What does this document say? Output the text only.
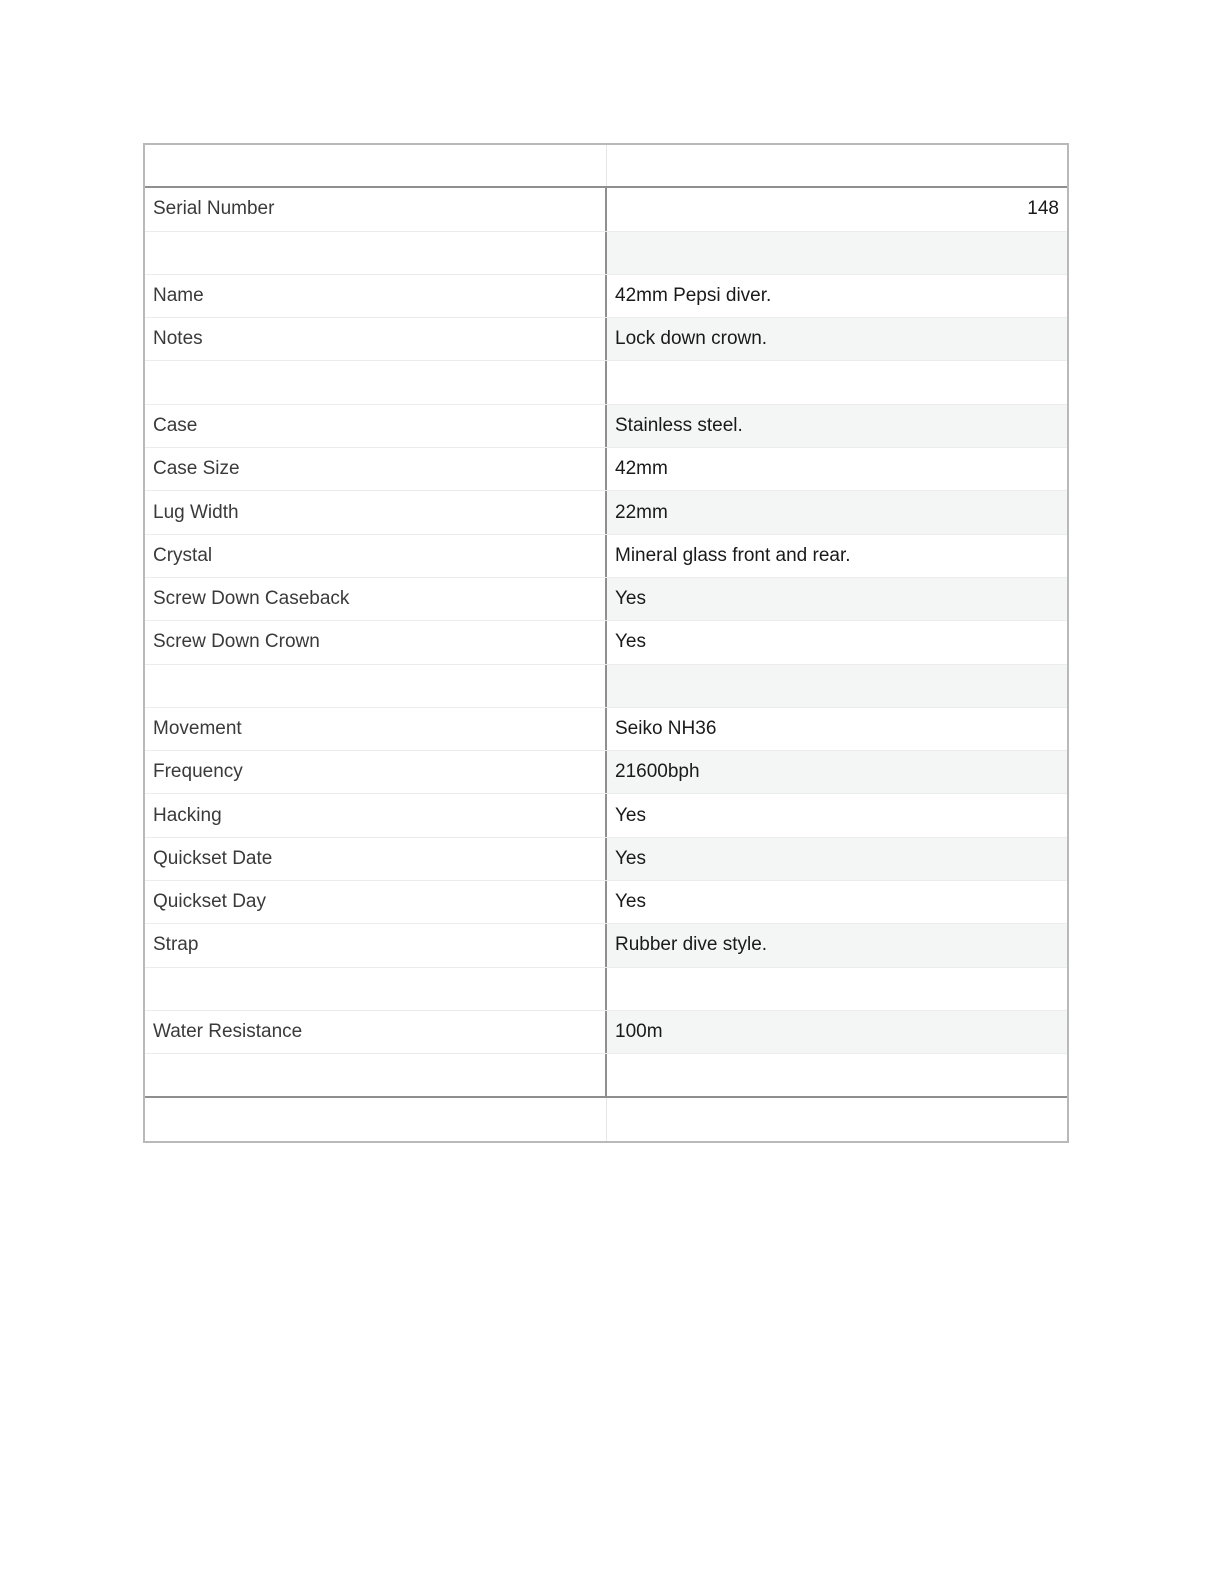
Serial Number	148
Name	42mm Pepsi diver.
Notes	Lock down crown.
Case	Stainless steel.
Case Size	42mm
Lug Width	22mm
Crystal	Mineral glass front and rear.
Screw Down Caseback	Yes
Screw Down Crown	Yes
Movement	Seiko NH36
Frequency	21600bph
Hacking	Yes
Quickset Date	Yes
Quickset Day	Yes
Strap	Rubber dive style.
Water Resistance	100m
